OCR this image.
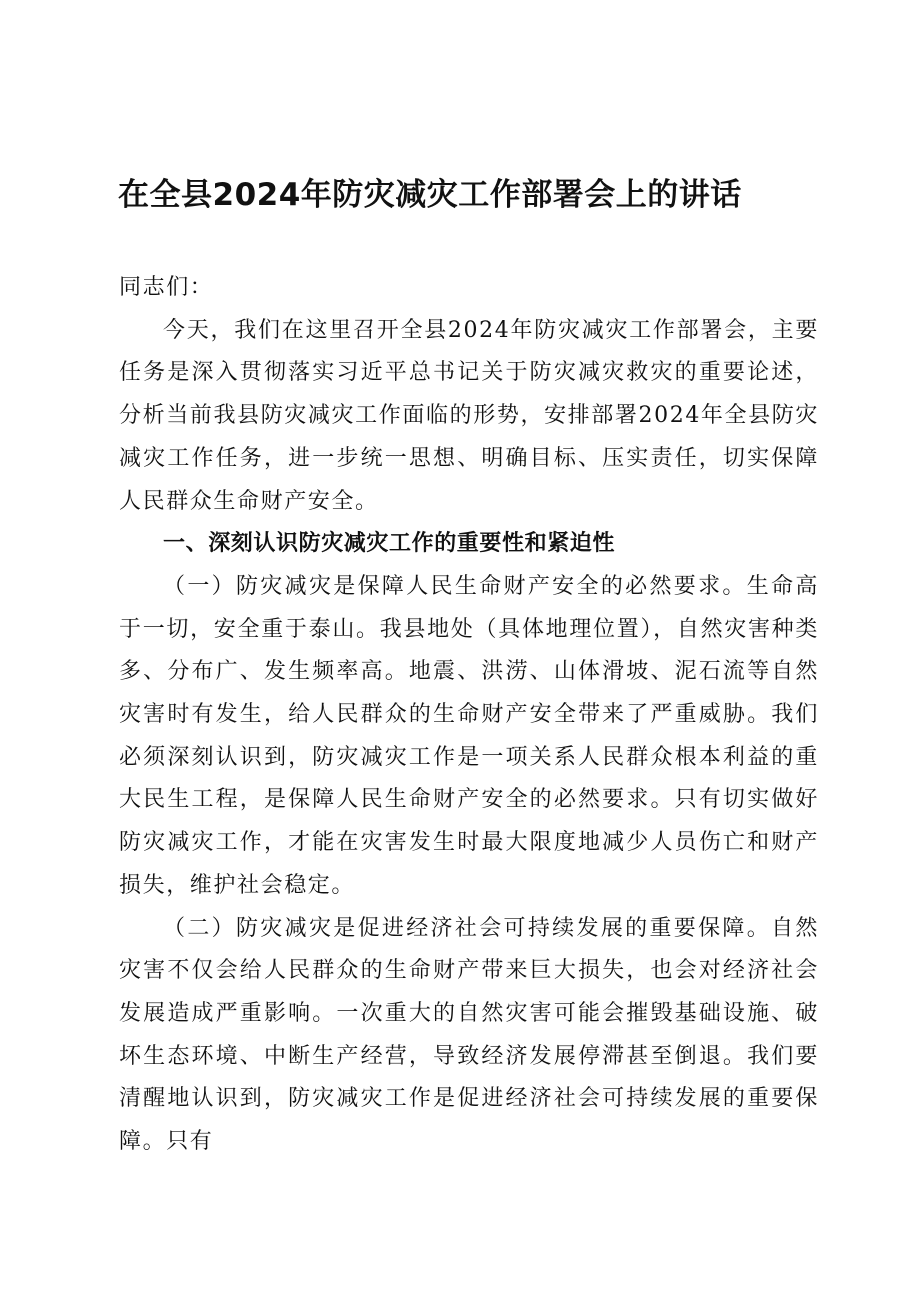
在全县2024年防灾减灾工作部署会上的讲话

同志们：

今天，我们在这里召开全县2024年防灾减灾工作部署会，主要任务是深入贯彻落实习近平总书记关于防灾减灾救灾的重要论述，分析当前我县防灾减灾工作面临的形势，安排部署2024年全县防灾减灾工作任务，进一步统一思想、明确目标、压实责任，切实保障人民群众生命财产安全。

一、深刻认识防灾减灾工作的重要性和紧迫性

（一）防灾减灾是保障人民生命财产安全的必然要求。生命高于一切，安全重于泰山。我县地处（具体地理位置），自然灾害种类多、分布广、发生频率高。地震、洪涝、山体滑坡、泥石流等自然灾害时有发生，给人民群众的生命财产安全带来了严重威胁。我们必须深刻认识到，防灾减灾工作是一项关系人民群众根本利益的重大民生工程，是保障人民生命财产安全的必然要求。只有切实做好防灾减灾工作，才能在灾害发生时最大限度地减少人员伤亡和财产损失，维护社会稳定。

（二）防灾减灾是促进经济社会可持续发展的重要保障。自然灾害不仅会给人民群众的生命财产带来巨大损失，也会对经济社会发展造成严重影响。一次重大的自然灾害可能会摧毁基础设施、破坏生态环境、中断生产经营，导致经济发展停滞甚至倒退。我们要清醒地认识到，防灾减灾工作是促进经济社会可持续发展的重要保障。只有
